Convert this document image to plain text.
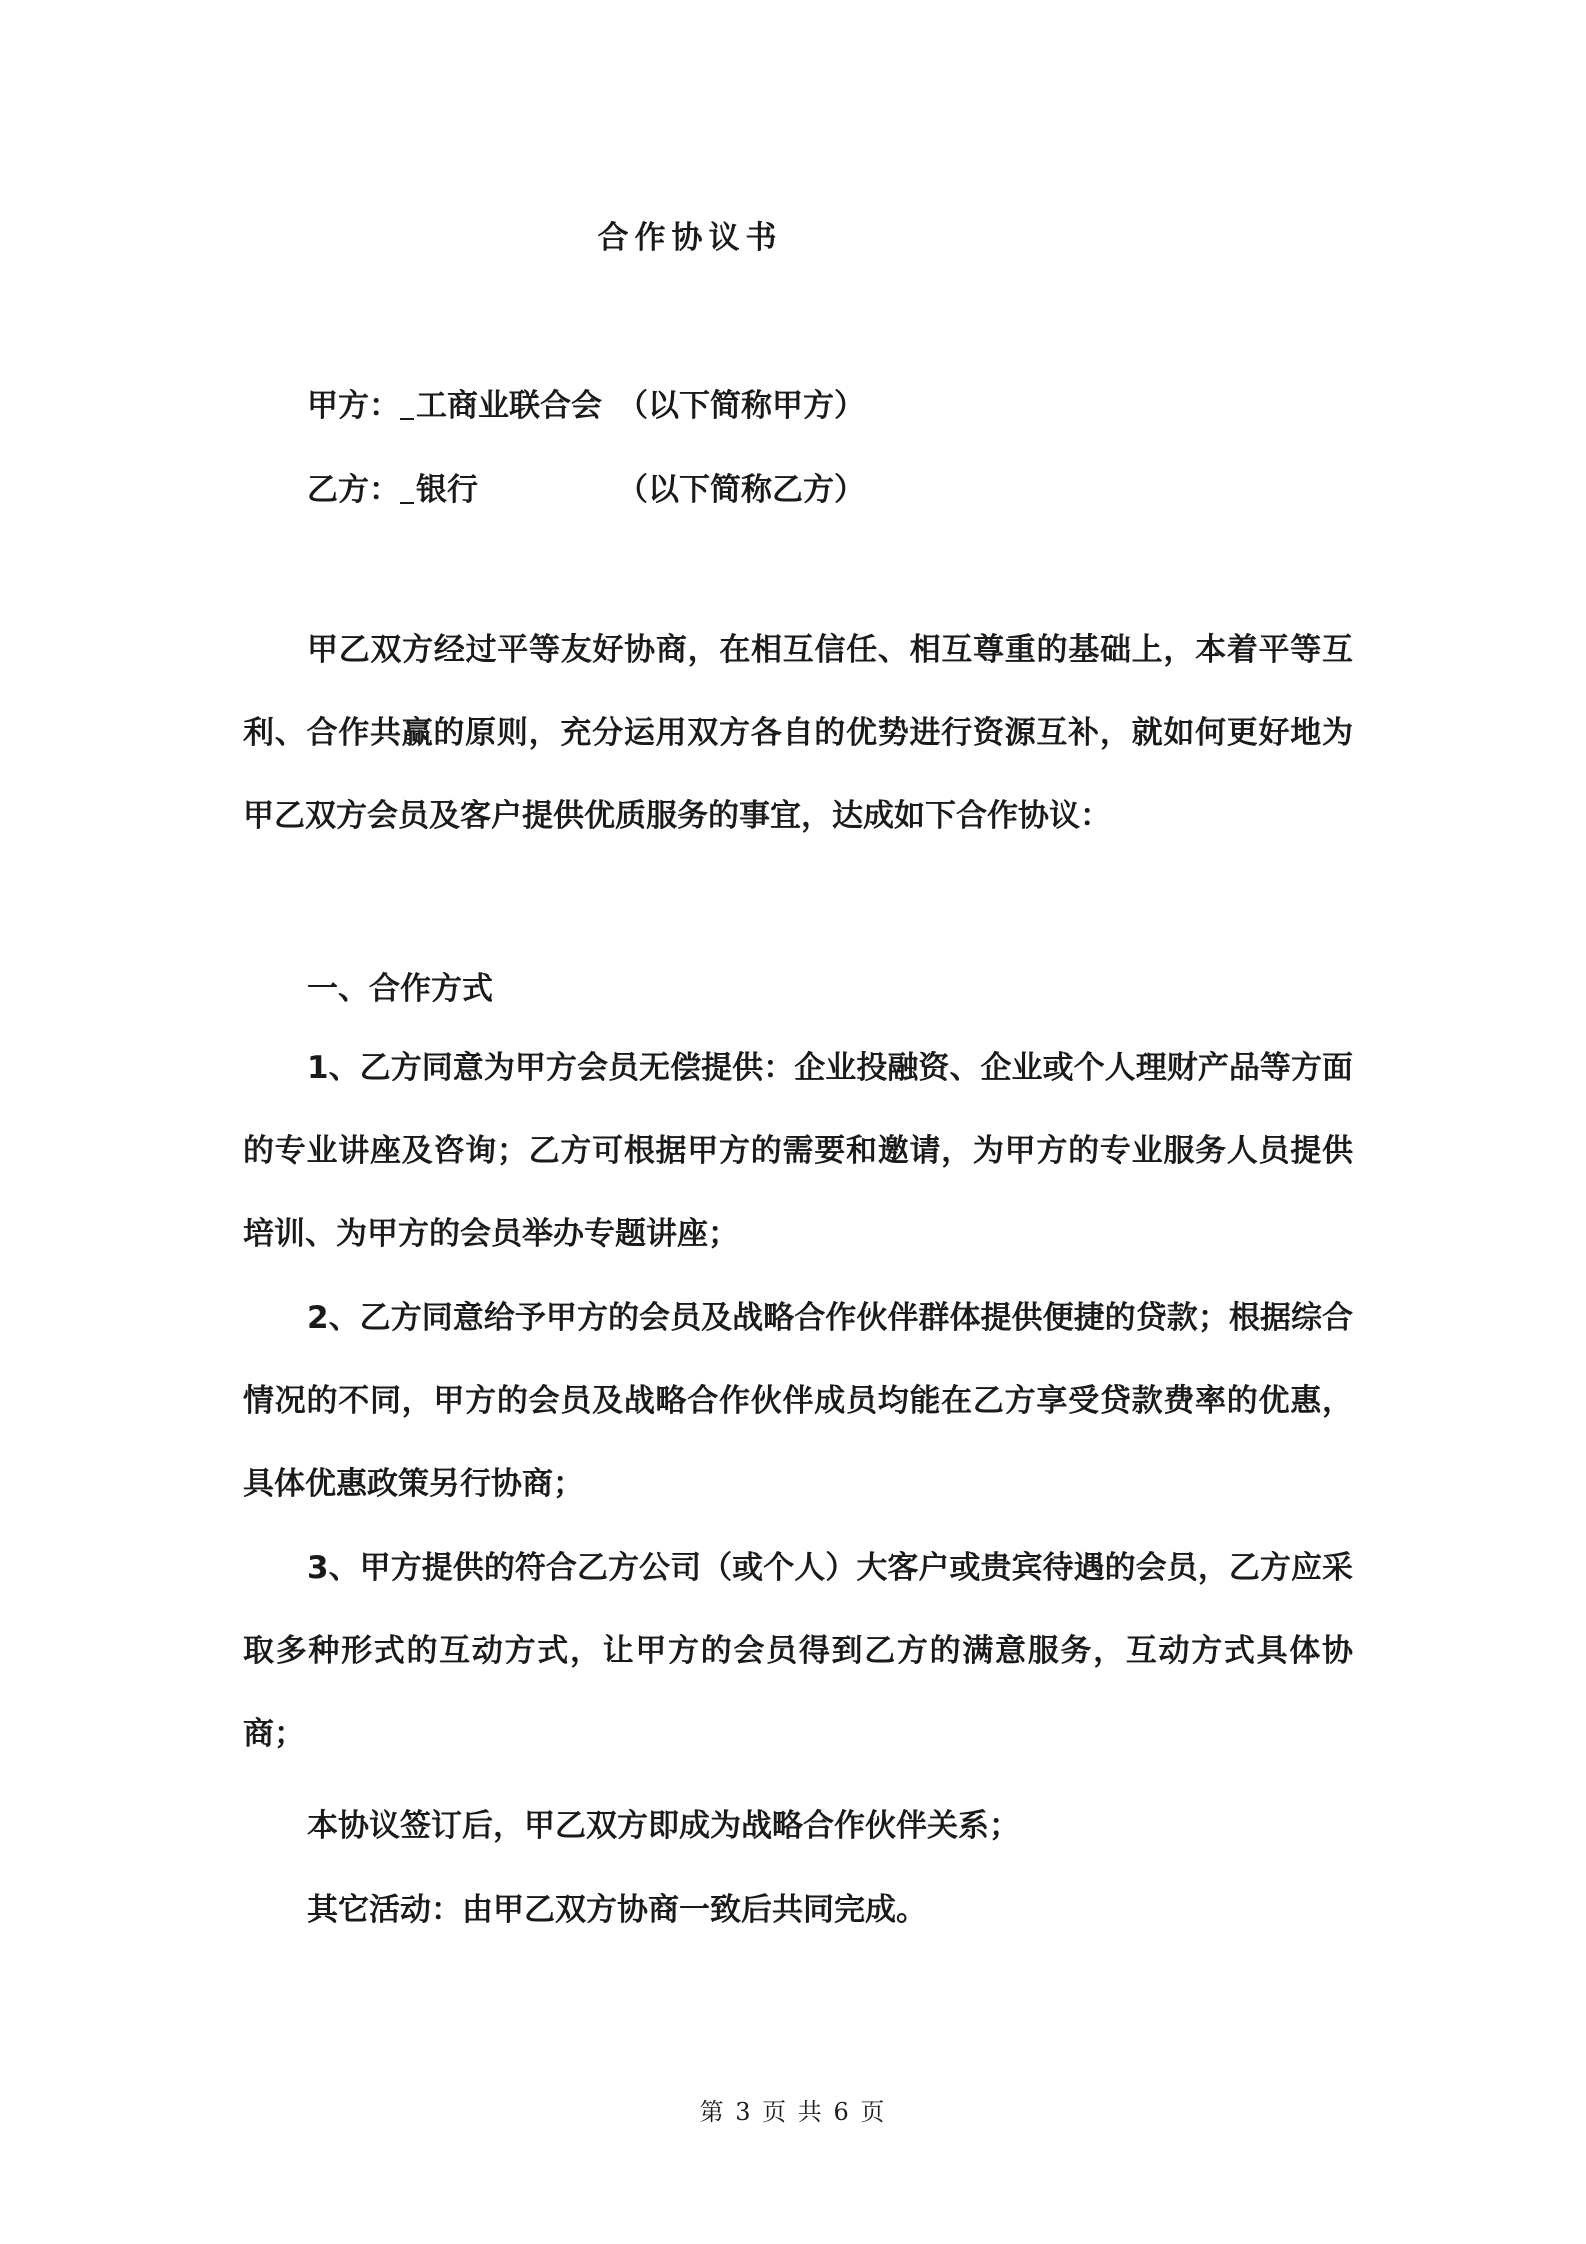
合作协议书
甲方： 工商业联合会 （以下简称甲方）
乙方： 银行	（以下简称乙方）

甲乙双方经过平等友好协商，在相互信任、相互尊重的基础上，本着平等互利、合作共赢的原则，充分运用双方各自的优势进行资源互补，就如何更好地为甲乙双方会员及客户提供优质服务的事宜，达成如下合作协议：

一、合作方式

1、乙方同意为甲方会员无偿提供：企业投融资、企业或个人理财产品等方面的专业讲座及咨询；乙方可根据甲方的需要和邀请，为甲方的专业服务人员提供培训、为甲方的会员举办专题讲座；

2、乙方同意给予甲方的会员及战略合作伙伴群体提供便捷的贷款；根据综合情况的不同，甲方的会员及战略合作伙伴成员均能在乙方享受贷款费率的优惠，具体优惠政策另行协商；

3、甲方提供的符合乙方公司（或个人）大客户或贵宾待遇的会员，乙方应采取多种形式的互动方式，让甲方的会员得到乙方的满意服务，互动方式具体协商；

本协议签订后，甲乙双方即成为战略合作伙伴关系；
其它活动：由甲乙双方协商一致后共同完成。
第 3 页 共 6 页
